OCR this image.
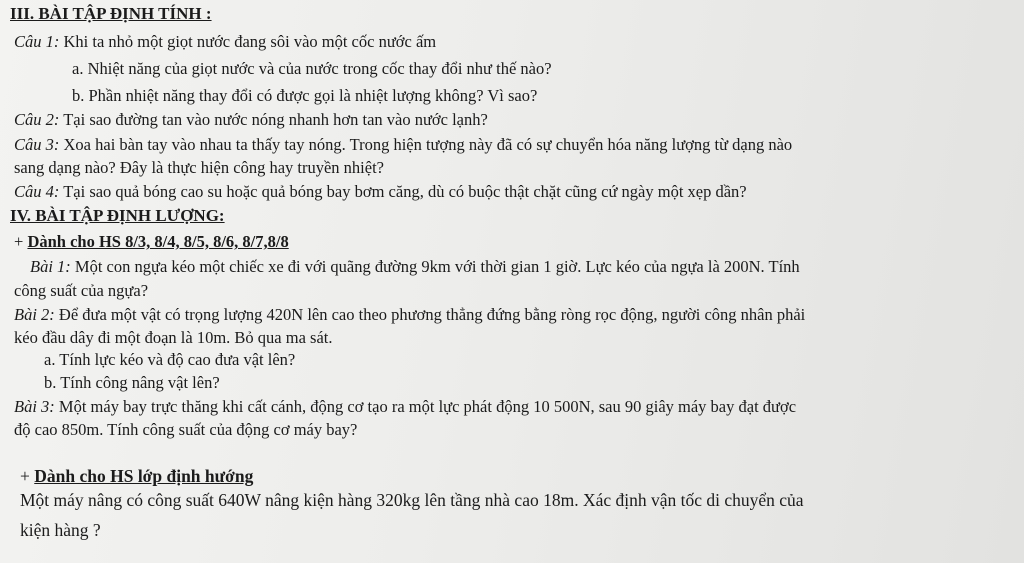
III. BÀI TẬP ĐỊNH TÍNH :
Câu 1: Khi ta nhỏ một giọt nước đang sôi vào một cốc nước ấm
a. Nhiệt năng của giọt nước và của nước trong cốc thay đổi như thế nào?
b. Phần nhiệt năng thay đổi có được gọi là nhiệt lượng không? Vì sao?
Câu 2: Tại sao đường tan vào nước nóng nhanh hơn tan vào nước lạnh?
Câu 3: Xoa hai bàn tay vào nhau ta thấy tay nóng. Trong hiện tượng này đã có sự chuyển hóa năng lượng từ dạng nào
sang dạng nào? Đây là thực hiện công hay truyền nhiệt?
Câu 4: Tại sao quả bóng cao su hoặc quả bóng bay bơm căng, dù có buộc thật chặt cũng cứ ngày một xẹp dần?
IV. BÀI TẬP ĐỊNH LƯỢNG:
+ Dành cho HS 8/3, 8/4, 8/5, 8/6, 8/7,8/8
Bài 1: Một con ngựa kéo một chiếc xe đi với quãng đường 9km với thời gian 1 giờ. Lực kéo của ngựa là 200N. Tính
công suất của ngựa?
Bài 2: Để đưa một vật có trọng lượng 420N lên cao theo phương thẳng đứng bằng ròng rọc động, người công nhân phải
kéo đầu dây đi một đoạn là 10m. Bỏ qua ma sát.
a. Tính lực kéo và độ cao đưa vật lên?
b. Tính công nâng vật lên?
Bài 3: Một máy bay trực thăng khi cất cánh, động cơ tạo ra một lực phát động 10 500N, sau 90 giây máy bay đạt được
độ cao 850m. Tính công suất của động cơ máy bay?
+ Dành cho HS lớp định hướng
Một máy nâng có công suất 640W nâng kiện hàng 320kg lên tầng nhà cao 18m. Xác định vận tốc di chuyển của
kiện hàng ?
